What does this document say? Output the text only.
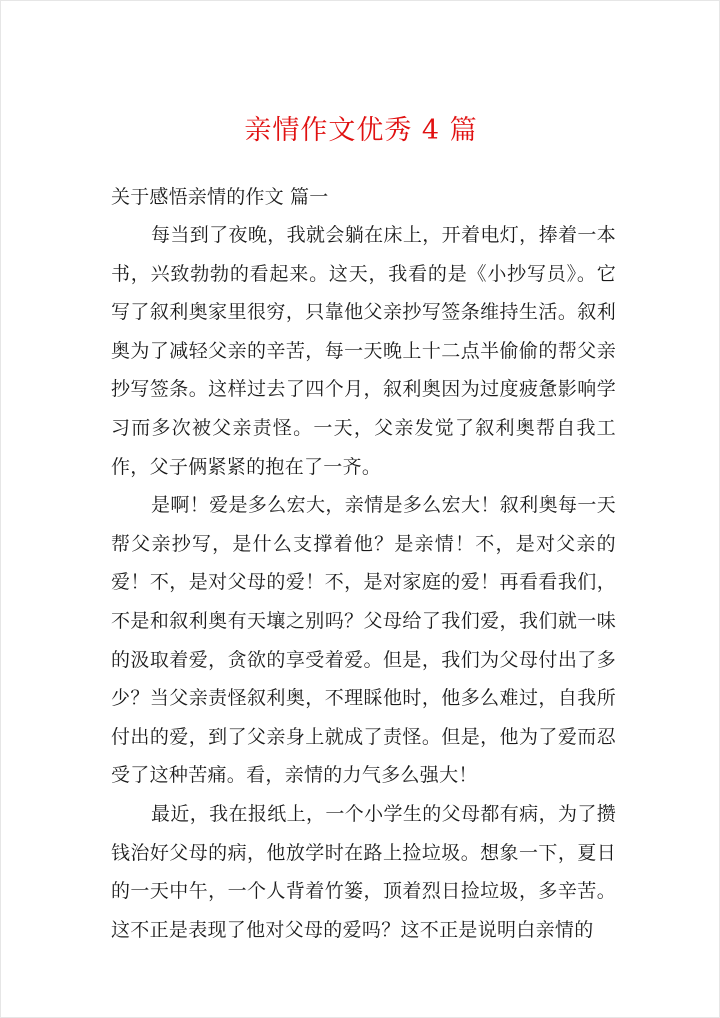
亲情作文优秀 4 篇

关于感悟亲情的作文 篇一

每当到了夜晚，我就会躺在床上，开着电灯，捧着一本书，兴致勃勃的看起来。这天，我看的是《小抄写员》。它写了叙利奥家里很穷，只靠他父亲抄写签条维持生活。叙利奥为了减轻父亲的辛苦，每一天晚上十二点半偷偷的帮父亲抄写签条。这样过去了四个月，叙利奥因为过度疲惫影响学习而多次被父亲责怪。一天，父亲发觉了叙利奥帮自我工作，父子俩紧紧的抱在了一齐。

是啊！爱是多么宏大，亲情是多么宏大！叙利奥每一天帮父亲抄写，是什么支撑着他？是亲情！不，是对父亲的爱！不，是对父母的爱！不，是对家庭的爱！再看看我们，不是和叙利奥有天壤之别吗？父母给了我们爱，我们就一味的汲取着爱，贪欲的享受着爱。但是，我们为父母付出了多少？当父亲责怪叙利奥，不理睬他时，他多么难过，自我所付出的爱，到了父亲身上就成了责怪。但是，他为了爱而忍受了这种苦痛。看，亲情的力气多么强大！

最近，我在报纸上，一个小学生的父母都有病，为了攒钱治好父母的病，他放学时在路上捡垃圾。想象一下，夏日的一天中午，一个人背着竹篓，顶着烈日捡垃圾，多辛苦。这不正是表现了他对父母的爱吗？这不正是说明白亲情的
